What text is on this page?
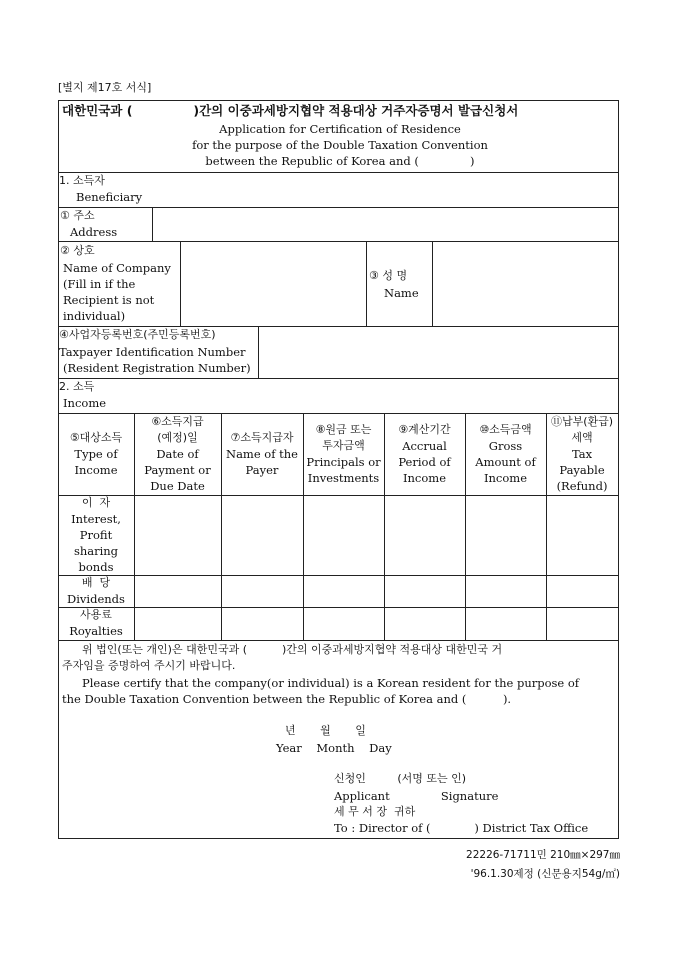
[별지 제17호 서식]
대한민국과 (              )간의 이중과세방지협약 적용대상 거주자증명서 발급신청서
Application for Certification of Residence
for the purpose of the Double Taxation Convention
between the Republic of Korea and (              )
1. 소득자
Beneficiary
① 주소
Address
② 상호
Name of Company
(Fill in if the
Recipient is not
individual)
③ 성 명
Name
④사업자등록번호(주민등록번호)
Taxpayer Identification Number
(Resident Registration Number)
2. 소득
Income
위 법인(또는 개인)은 대한민국과 (          )간의 이중과세방지협약 적용대상 대한민국 거
주자임을 증명하여 주시기 바랍니다.
Please certify that the company(or individual) is a Korean resident for the purpose of
the Double Taxation Convention between the Republic of Korea and (          ).
년       월       일
Year    Month    Day
신청인         (서명 또는 인)
Applicant              Signature
세 무 서 장  귀하
To : Director of (            ) District Tax Office
22226-71711민 210㎜×297㎜
'96.1.30제정 (신문용지54g/㎡)
⑤대상소득
Type of
Income
⑥소득지급
(예정)일
Date of
Payment or
Due Date
⑦소득지급자
Name of the
Payer
⑧원금 또는
투자금액
Principals or
Investments
⑨계산기간
Accrual
Period of
Income
⑩소득금액
Gross
Amount of
Income
⑪납부(환급)
세액
Tax
Payable
(Refund)
이  자
Interest,
Profit
sharing
bonds
배  당
Dividends
사용료
Royalties
